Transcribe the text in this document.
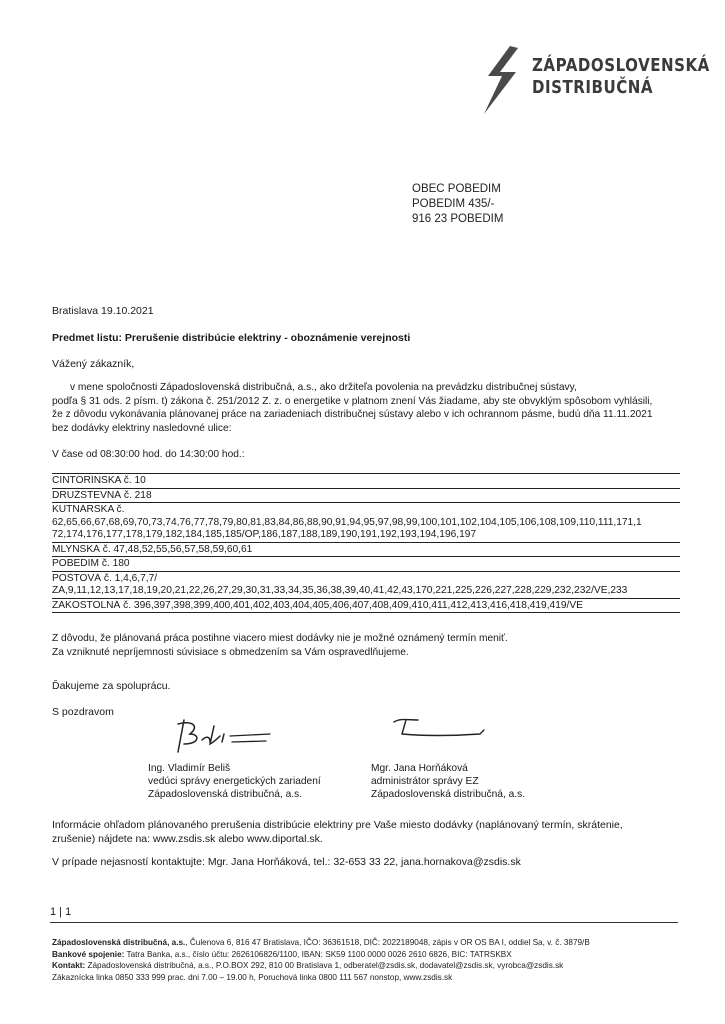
ZÁPADOSLOVENSKÁ
DISTRIBUČNÁ
OBEC POBEDIM
POBEDIM 435/-
916 23 POBEDIM
Bratislava 19.10.2021
Predmet listu: Prerušenie distribúcie elektriny - oboznámenie verejnosti
Vážený zákazník,
v mene spoločnosti Západoslovenská distribučná, a.s., ako držiteľa povolenia na prevádzku distribučnej sústavy,
podľa § 31 ods. 2 písm. t) zákona č. 251/2012 Z. z. o energetike v platnom znení Vás žiadame, aby ste obvyklým spôsobom vyhlásili,
že z dôvodu vykonávania plánovanej práce na zariadeniach distribučnej sústavy alebo v ich ochrannom pásme, budú dňa 11.11.2021
bez dodávky elektriny nasledovné ulice:
V čase od 08:30:00 hod. do 14:30:00 hod.:
CINTORÍNSKA č. 10
DRUŽSTEVNÁ č. 218
KUTNÁRSKA č.
62,65,66,67,68,69,70,73,74,76,77,78,79,80,81,83,84,86,88,90,91,94,95,97,98,99,100,101,102,104,105,106,108,109,110,111,171,1
72,174,176,177,178,179,182,184,185,185/OP,186,187,188,189,190,191,192,193,194,196,197
MLYNSKÁ č. 47,48,52,55,56,57,58,59,60,61
POBEDIM č. 180
POŠTOVÁ č. 1,4,6,7,7/
ZA,9,11,12,13,17,18,19,20,21,22,26,27,29,30,31,33,34,35,36,38,39,40,41,42,43,170,221,225,226,227,228,229,232,232/VE,233
ZÁKOSTOLNÁ č. 396,397,398,399,400,401,402,403,404,405,406,407,408,409,410,411,412,413,416,418,419,419/VE
Z dôvodu, že plánovaná práca postihne viacero miest dodávky nie je možné oznámený termín meniť.
Za vzniknuté nepríjemnosti súvisiace s obmedzením sa Vám ospravedlňujeme.
Ďakujeme za spoluprácu.
S pozdravom
Ing. Vladimír Beliš
vedúci správy energetických zariadení
Západoslovenská distribučná, a.s.
Mgr. Jana Horňáková
administrátor správy EZ
Západoslovenská distribučná, a.s.
Informácie ohľadom plánovaného prerušenia distribúcie elektriny pre Vaše miesto dodávky (naplánovaný termín, skrátenie,
zrušenie) nájdete na: www.zsdis.sk alebo www.diportal.sk.
V prípade nejasností kontaktujte: Mgr. Jana Horňáková, tel.: 32-653 33 22, jana.hornakova@zsdis.sk
1 | 1
Západoslovenská distribučná, a.s., Čulenova 6, 816 47 Bratislava, IČO: 36361518, DIČ: 2022189048, zápis v OR OS BA I, oddiel Sa, v. č. 3879/B
Bankové spojenie: Tatra Banka, a.s., číslo účtu: 2626106826/1100, IBAN: SK59 1100 0000 0026 2610 6826, BIC: TATRSKBX
Kontakt: Západoslovenská distribučná, a.s., P.O.BOX 292, 810 00 Bratislava 1, odberatel@zsdis.sk, dodavatel@zsdis.sk, vyrobca@zsdis.sk
Zákaznícka linka 0850 333 999 prac. dni 7.00 – 19.00 h, Poruchová linka 0800 111 567 nonstop, www.zsdis.sk
